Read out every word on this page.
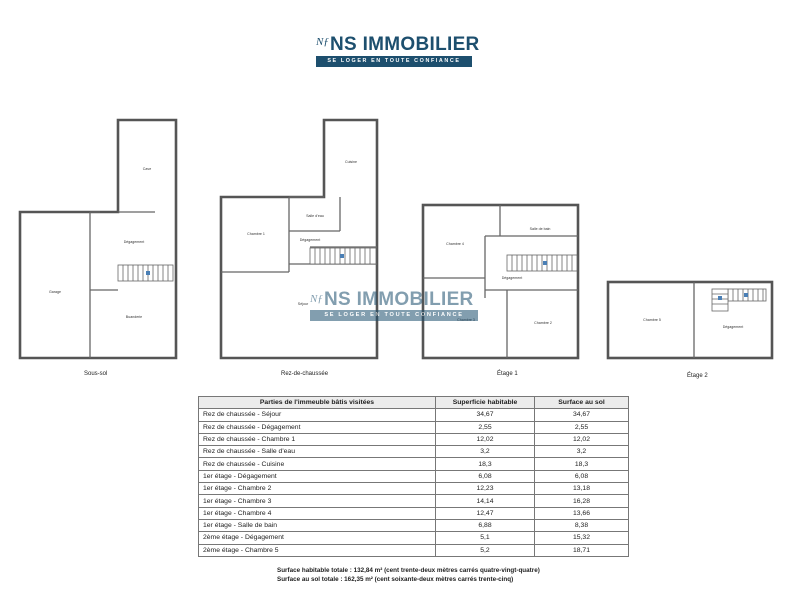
Nƒ NS IMMOBILIER
SE LOGER EN TOUTE CONFIANCE
Cave
Dégagement
Garage
Buanderie
Cuisine
Salle d'eau
Chambre 1
Dégagement
Séjour
Salle de bain
Chambre 4
Dégagement
Chambre 2
Chambre 5
Dégagement
Nƒ NS IMMOBILIER
SE LOGER EN TOUTE CONFIANCE
Sous-sol	Rez-de-chaussée	Étage 1	Étage 2
Parties de l'immeuble bâtis visitées	Superficie habitable	Surface au sol
Rez de chaussée - Séjour	34,67	34,67
Rez de chaussée - Dégagement	2,55	2,55
Rez de chaussée - Chambre 1	12,02	12,02
Rez de chaussée - Salle d'eau	3,2	3,2
Rez de chaussée - Cuisine	18,3	18,3
1er étage - Dégagement	6,08	6,08
1er étage - Chambre 2	12,23	13,18
1er étage - Chambre 3	14,14	16,28
1er étage - Chambre 4	12,47	13,66
1er étage - Salle de bain	6,88	8,38
2ème étage - Dégagement	5,1	15,32
2ème étage - Chambre 5	5,2	18,71
Surface habitable totale : 132,84 m² (cent trente-deux mètres carrés quatre-vingt-quatre)
Surface au sol totale : 162,35 m² (cent soixante-deux mètres carrés trente-cinq)
